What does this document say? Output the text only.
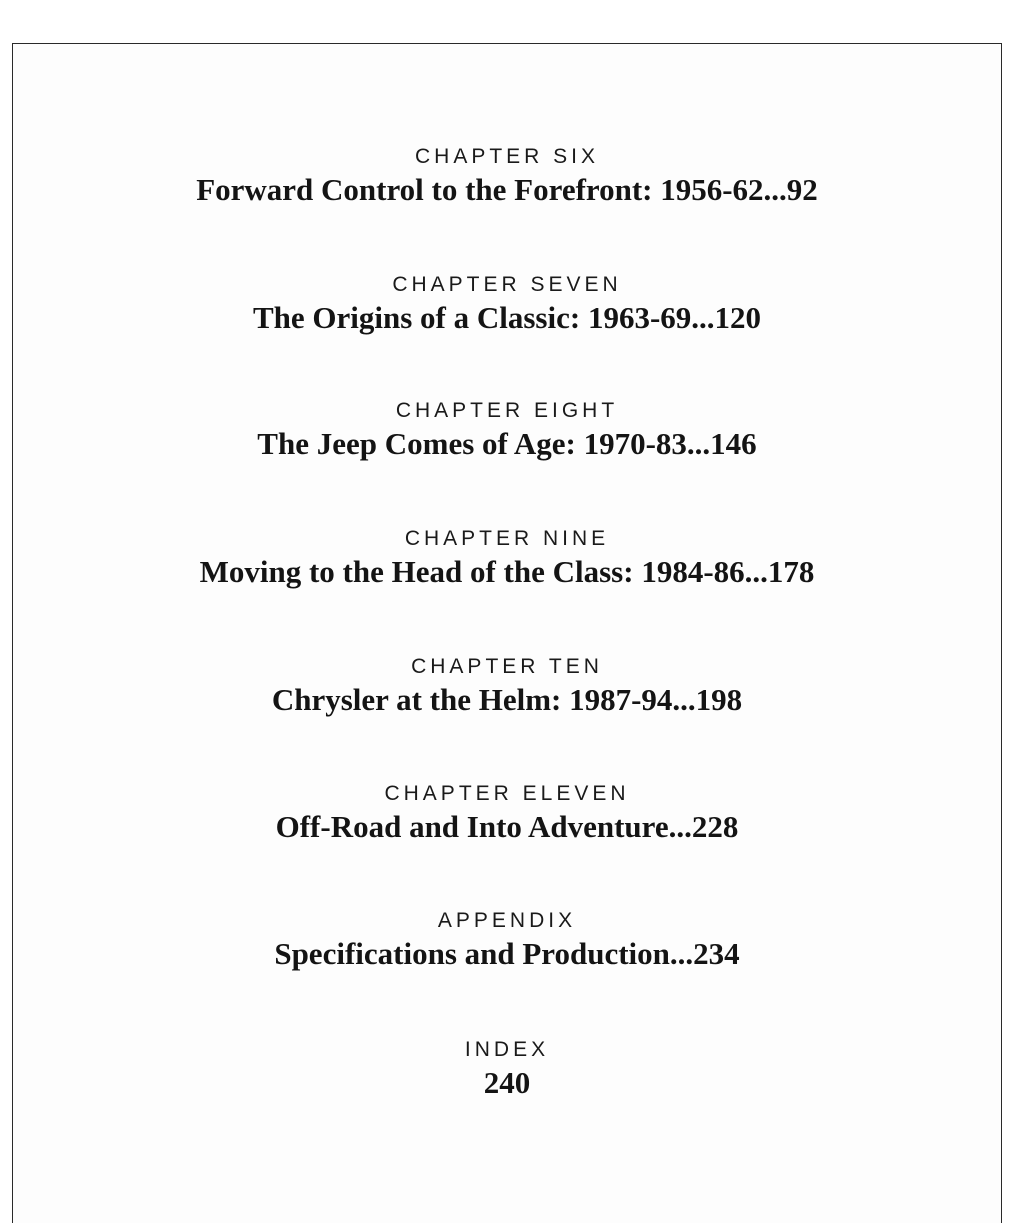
CHAPTER SIX
Forward Control to the Forefront: 1956-62...92
CHAPTER SEVEN
The Origins of a Classic: 1963-69...120
CHAPTER EIGHT
The Jeep Comes of Age: 1970-83...146
CHAPTER NINE
Moving to the Head of the Class: 1984-86...178
CHAPTER TEN
Chrysler at the Helm: 1987-94...198
CHAPTER ELEVEN
Off-Road and Into Adventure...228
APPENDIX
Specifications and Production...234
INDEX
240
